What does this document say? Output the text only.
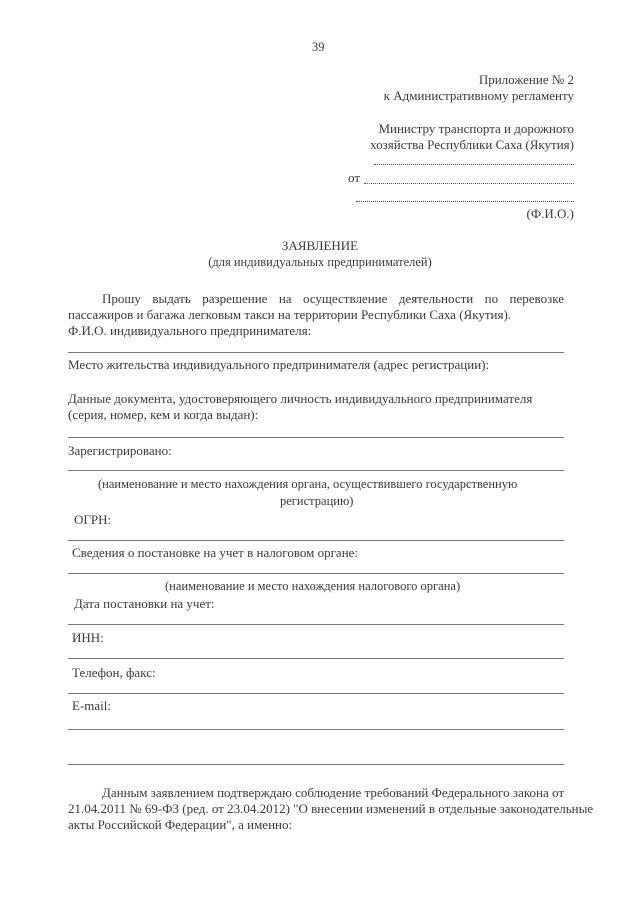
39
Приложение № 2
к Административному регламенту
Министру транспорта и дорожного
хозяйства Республики Саха (Якутия)
от
(Ф.И.О.)
ЗАЯВЛЕНИЕ
(для индивидуальных предпринимателей)
Прошу выдать разрешение на осуществление деятельности по перевозке
пассажиров и багажа легковым такси на территории Республики Саха (Якутия).
Ф.И.О. индивидуального предпринимателя:
Место жительства индивидуального предпринимателя (адрес регистрации):
Данные документа, удостоверяющего личность индивидуального предпринимателя
(серия, номер, кем и когда выдан):
Зарегистрировано:
(наименование и место нахождения органа, осуществившего государственную
регистрацию)
ОГРН:
Сведения о постановке на учет в налоговом органе:
(наименование и место нахождения налогового органа)
Дата постановки на учет:
ИНН:
Телефон, факс:
E-mail:
Данным заявлением подтверждаю соблюдение требований Федерального закона от
21.04.2011 № 69-ФЗ (ред. от 23.04.2012) "О внесении изменений в отдельные законодательные
акты Российской Федерации", а именно:
